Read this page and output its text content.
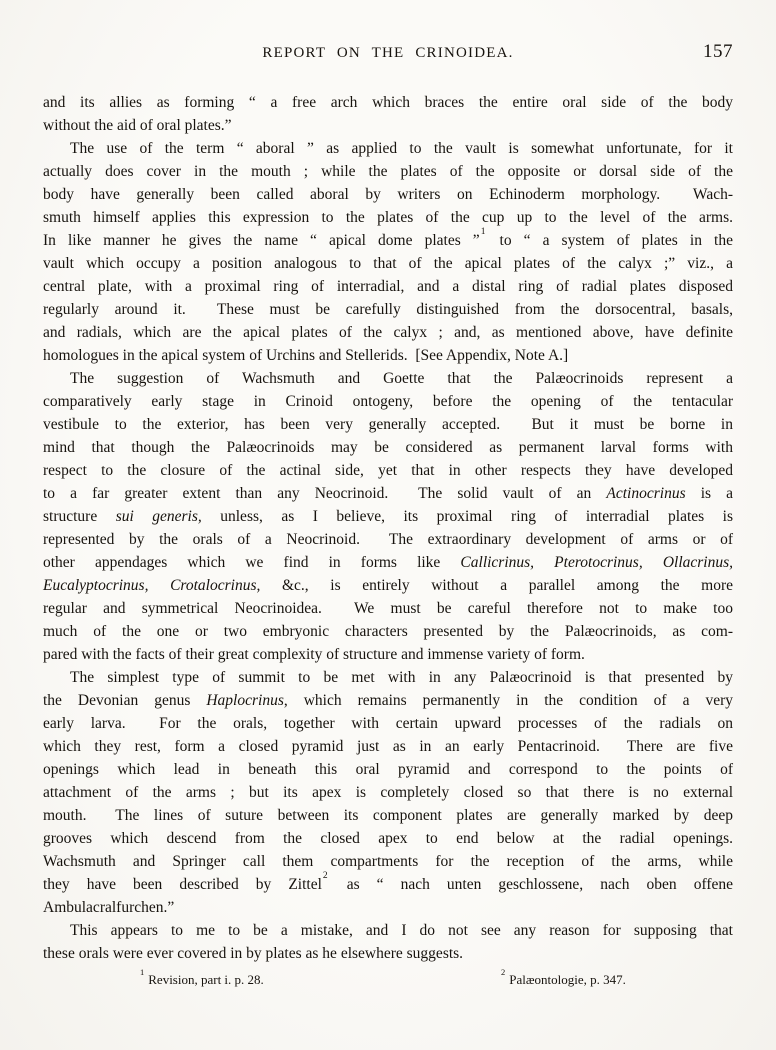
REPORT ON THE CRINOIDEA.	157
and its allies as forming “ a free arch which braces the entire oral side of the body
without the aid of oral plates.”
The use of the term “ aboral ” as applied to the vault is somewhat unfortunate, for it
actually does cover in the mouth ; while the plates of the opposite or dorsal side of the
body have generally been called aboral by writers on Echinoderm morphology.  Wach-
smuth himself applies this expression to the plates of the cup up to the level of the arms.
In like manner he gives the name “ apical dome plates ”$^1$ to “ a system of plates in the
vault which occupy a position analogous to that of the apical plates of the calyx ;” viz., a
central plate, with a proximal ring of interradial, and a distal ring of radial plates disposed
regularly around it.  These must be carefully distinguished from the dorsocentral, basals,
and radials, which are the apical plates of the calyx ; and, as mentioned above, have definite
homologues in the apical system of Urchins and Stellerids.  [See Appendix, Note A.]
The suggestion of Wachsmuth and Goette that the Palæocrinoids represent a
comparatively early stage in Crinoid ontogeny, before the opening of the tentacular
vestibule to the exterior, has been very generally accepted.  But it must be borne in
mind that though the Palæocrinoids may be considered as permanent larval forms with
respect to the closure of the actinal side, yet that in other respects they have developed
to a far greater extent than any Neocrinoid.  The solid vault of an Actinocrinus is a
structure sui generis, unless, as I believe, its proximal ring of interradial plates is
represented by the orals of a Neocrinoid.  The extraordinary development of arms or of
other appendages which we find in forms like Callicrinus, Pterotocrinus, Ollacrinus,
Eucalyptocrinus, Crotalocrinus, &c., is entirely without a parallel among the more
regular and symmetrical Neocrinoidea.  We must be careful therefore not to make too
much of the one or two embryonic characters presented by the Palæocrinoids, as com-
pared with the facts of their great complexity of structure and immense variety of form.
The simplest type of summit to be met with in any Palæocrinoid is that presented by
the Devonian genus Haplocrinus, which remains permanently in the condition of a very
early larva.  For the orals, together with certain upward processes of the radials on
which they rest, form a closed pyramid just as in an early Pentacrinoid.  There are five
openings which lead in beneath this oral pyramid and correspond to the points of
attachment of the arms ; but its apex is completely closed so that there is no external
mouth.  The lines of suture between its component plates are generally marked by deep
grooves which descend from the closed apex to end below at the radial openings.
Wachsmuth and Springer call them compartments for the reception of the arms, while
they have been described by Zittel$^2$ as “ nach unten geschlossene, nach oben offene
Ambulacralfurchen.”
This appears to me to be a mistake, and I do not see any reason for supposing that
these orals were ever covered in by plates as he elsewhere suggests.
$^1$Revision, part i. p. 28.
$^2$Palæontologie, p. 347.
